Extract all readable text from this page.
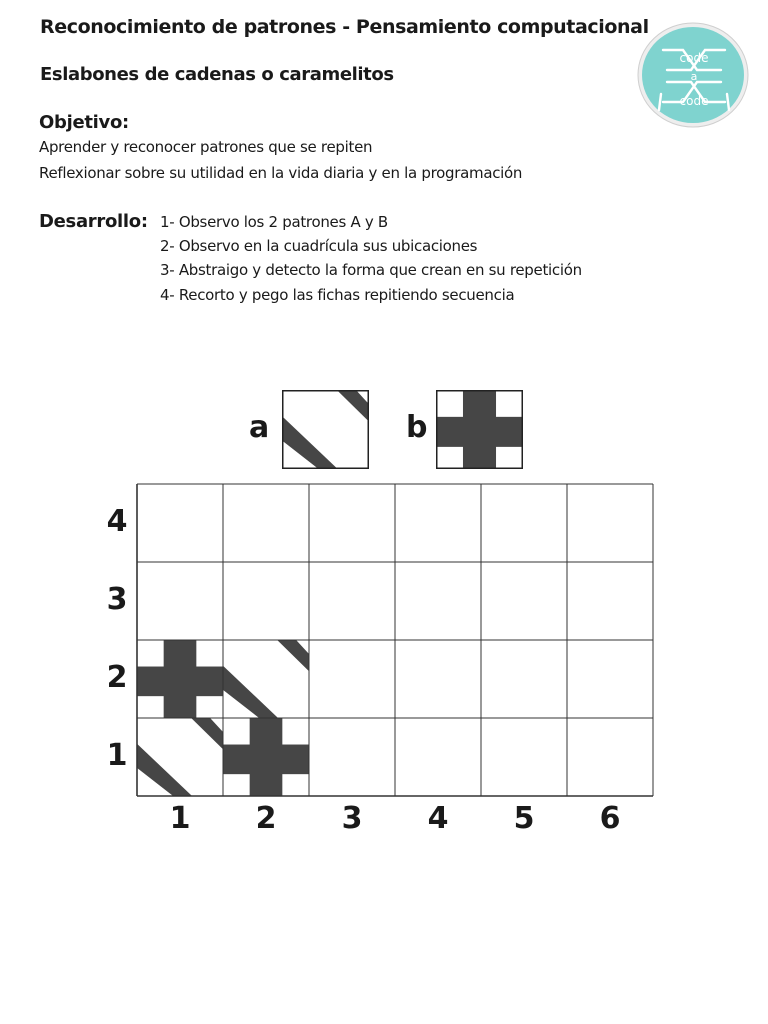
Reconocimiento de patrones - Pensamiento computacional
Eslabones de cadenas o caramelitos
code
a
code
Objetivo:
Aprender y reconocer patrones que se repiten
Reflexionar sobre su utilidad en la vida diaria y en la programación
Desarrollo: 1- Observo los 2 patrones A y B
2- Observo en la cuadrícula sus ubicaciones
3- Abstraigo y detecto la forma que crean en su repetición
4- Recorto y pego las fichas repitiendo secuencia
a	b
4
3
2
1
1	2	3	4	5	6
